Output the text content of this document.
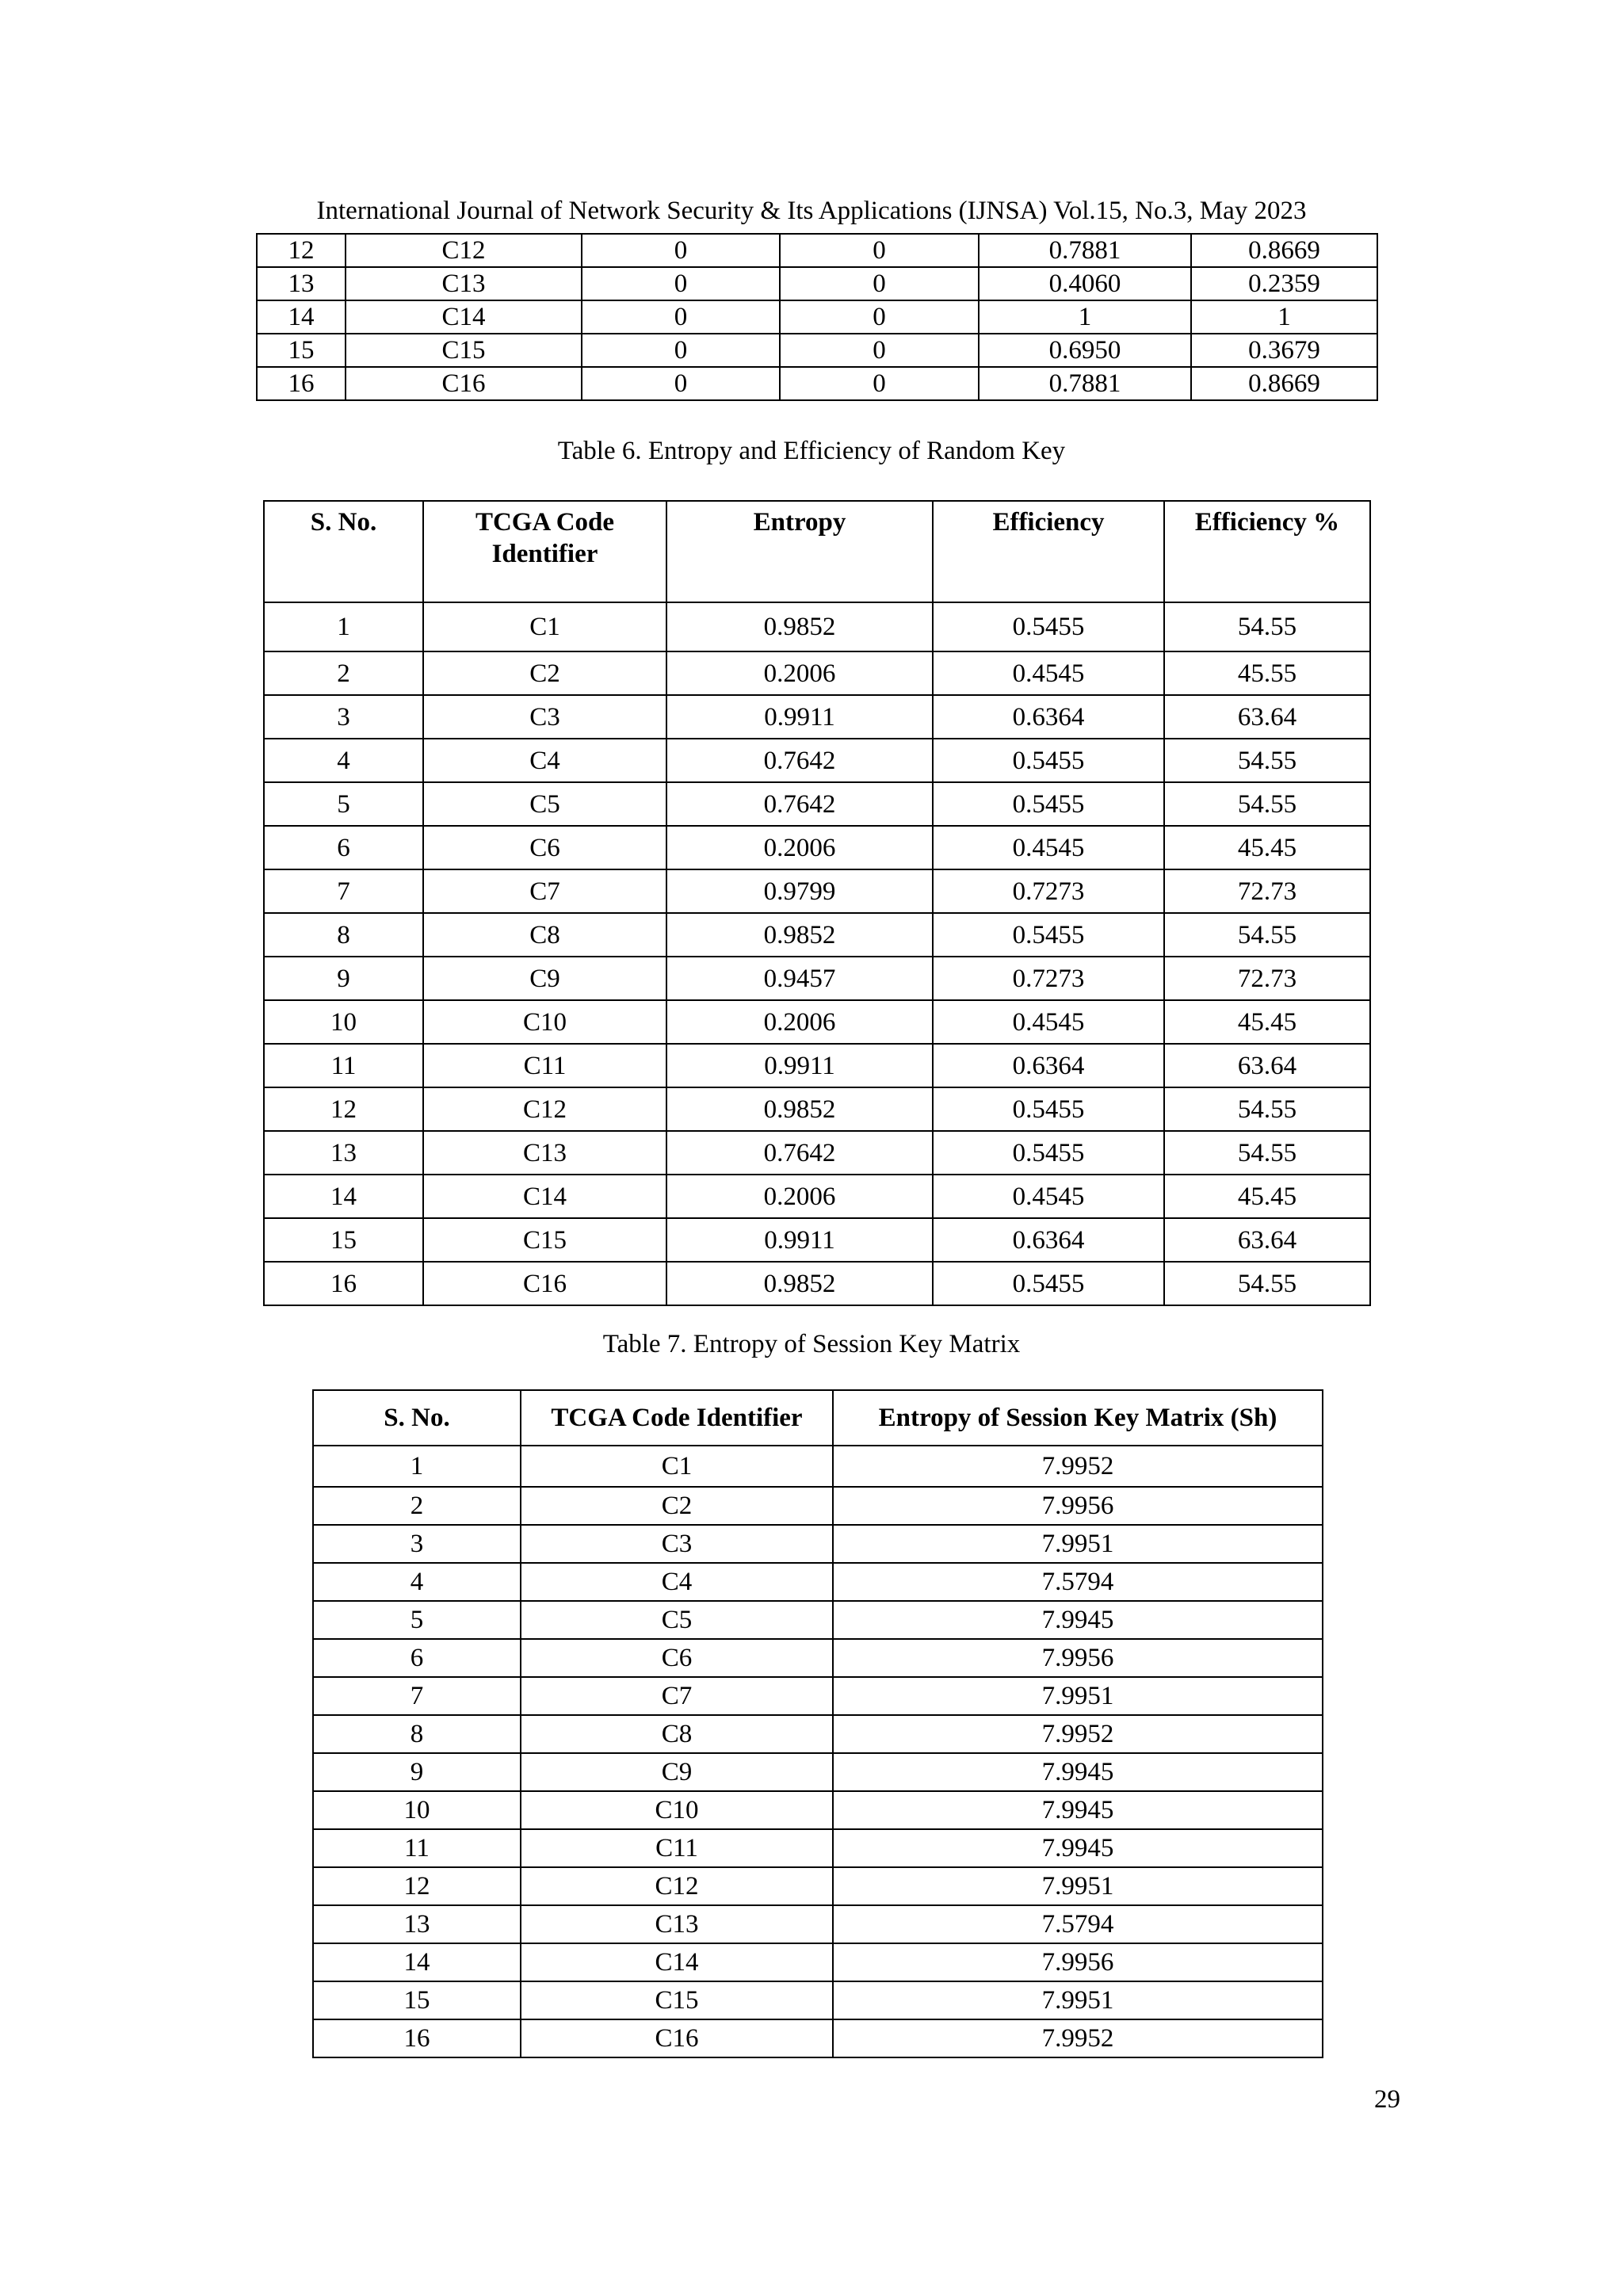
International Journal of Network Security & Its Applications (IJNSA) Vol.15, No.3, May 2023
12	C12	0	0	0.7881	0.8669
13	C13	0	0	0.4060	0.2359
14	C14	0	0	1	1
15	C15	0	0	0.6950	0.3679
16	C16	0	0	0.7881	0.8669
Table 6. Entropy and Efficiency of Random Key
S. No.	TCGA Code Identifier	Entropy	Efficiency	Efficiency %
1	C1	0.9852	0.5455	54.55
2	C2	0.2006	0.4545	45.55
3	C3	0.9911	0.6364	63.64
4	C4	0.7642	0.5455	54.55
5	C5	0.7642	0.5455	54.55
6	C6	0.2006	0.4545	45.45
7	C7	0.9799	0.7273	72.73
8	C8	0.9852	0.5455	54.55
9	C9	0.9457	0.7273	72.73
10	C10	0.2006	0.4545	45.45
11	C11	0.9911	0.6364	63.64
12	C12	0.9852	0.5455	54.55
13	C13	0.7642	0.5455	54.55
14	C14	0.2006	0.4545	45.45
15	C15	0.9911	0.6364	63.64
16	C16	0.9852	0.5455	54.55
Table 7. Entropy of Session Key Matrix
S. No.	TCGA Code Identifier	Entropy of Session Key Matrix (Sh)
1	C1	7.9952
2	C2	7.9956
3	C3	7.9951
4	C4	7.5794
5	C5	7.9945
6	C6	7.9956
7	C7	7.9951
8	C8	7.9952
9	C9	7.9945
10	C10	7.9945
11	C11	7.9945
12	C12	7.9951
13	C13	7.5794
14	C14	7.9956
15	C15	7.9951
16	C16	7.9952
29
